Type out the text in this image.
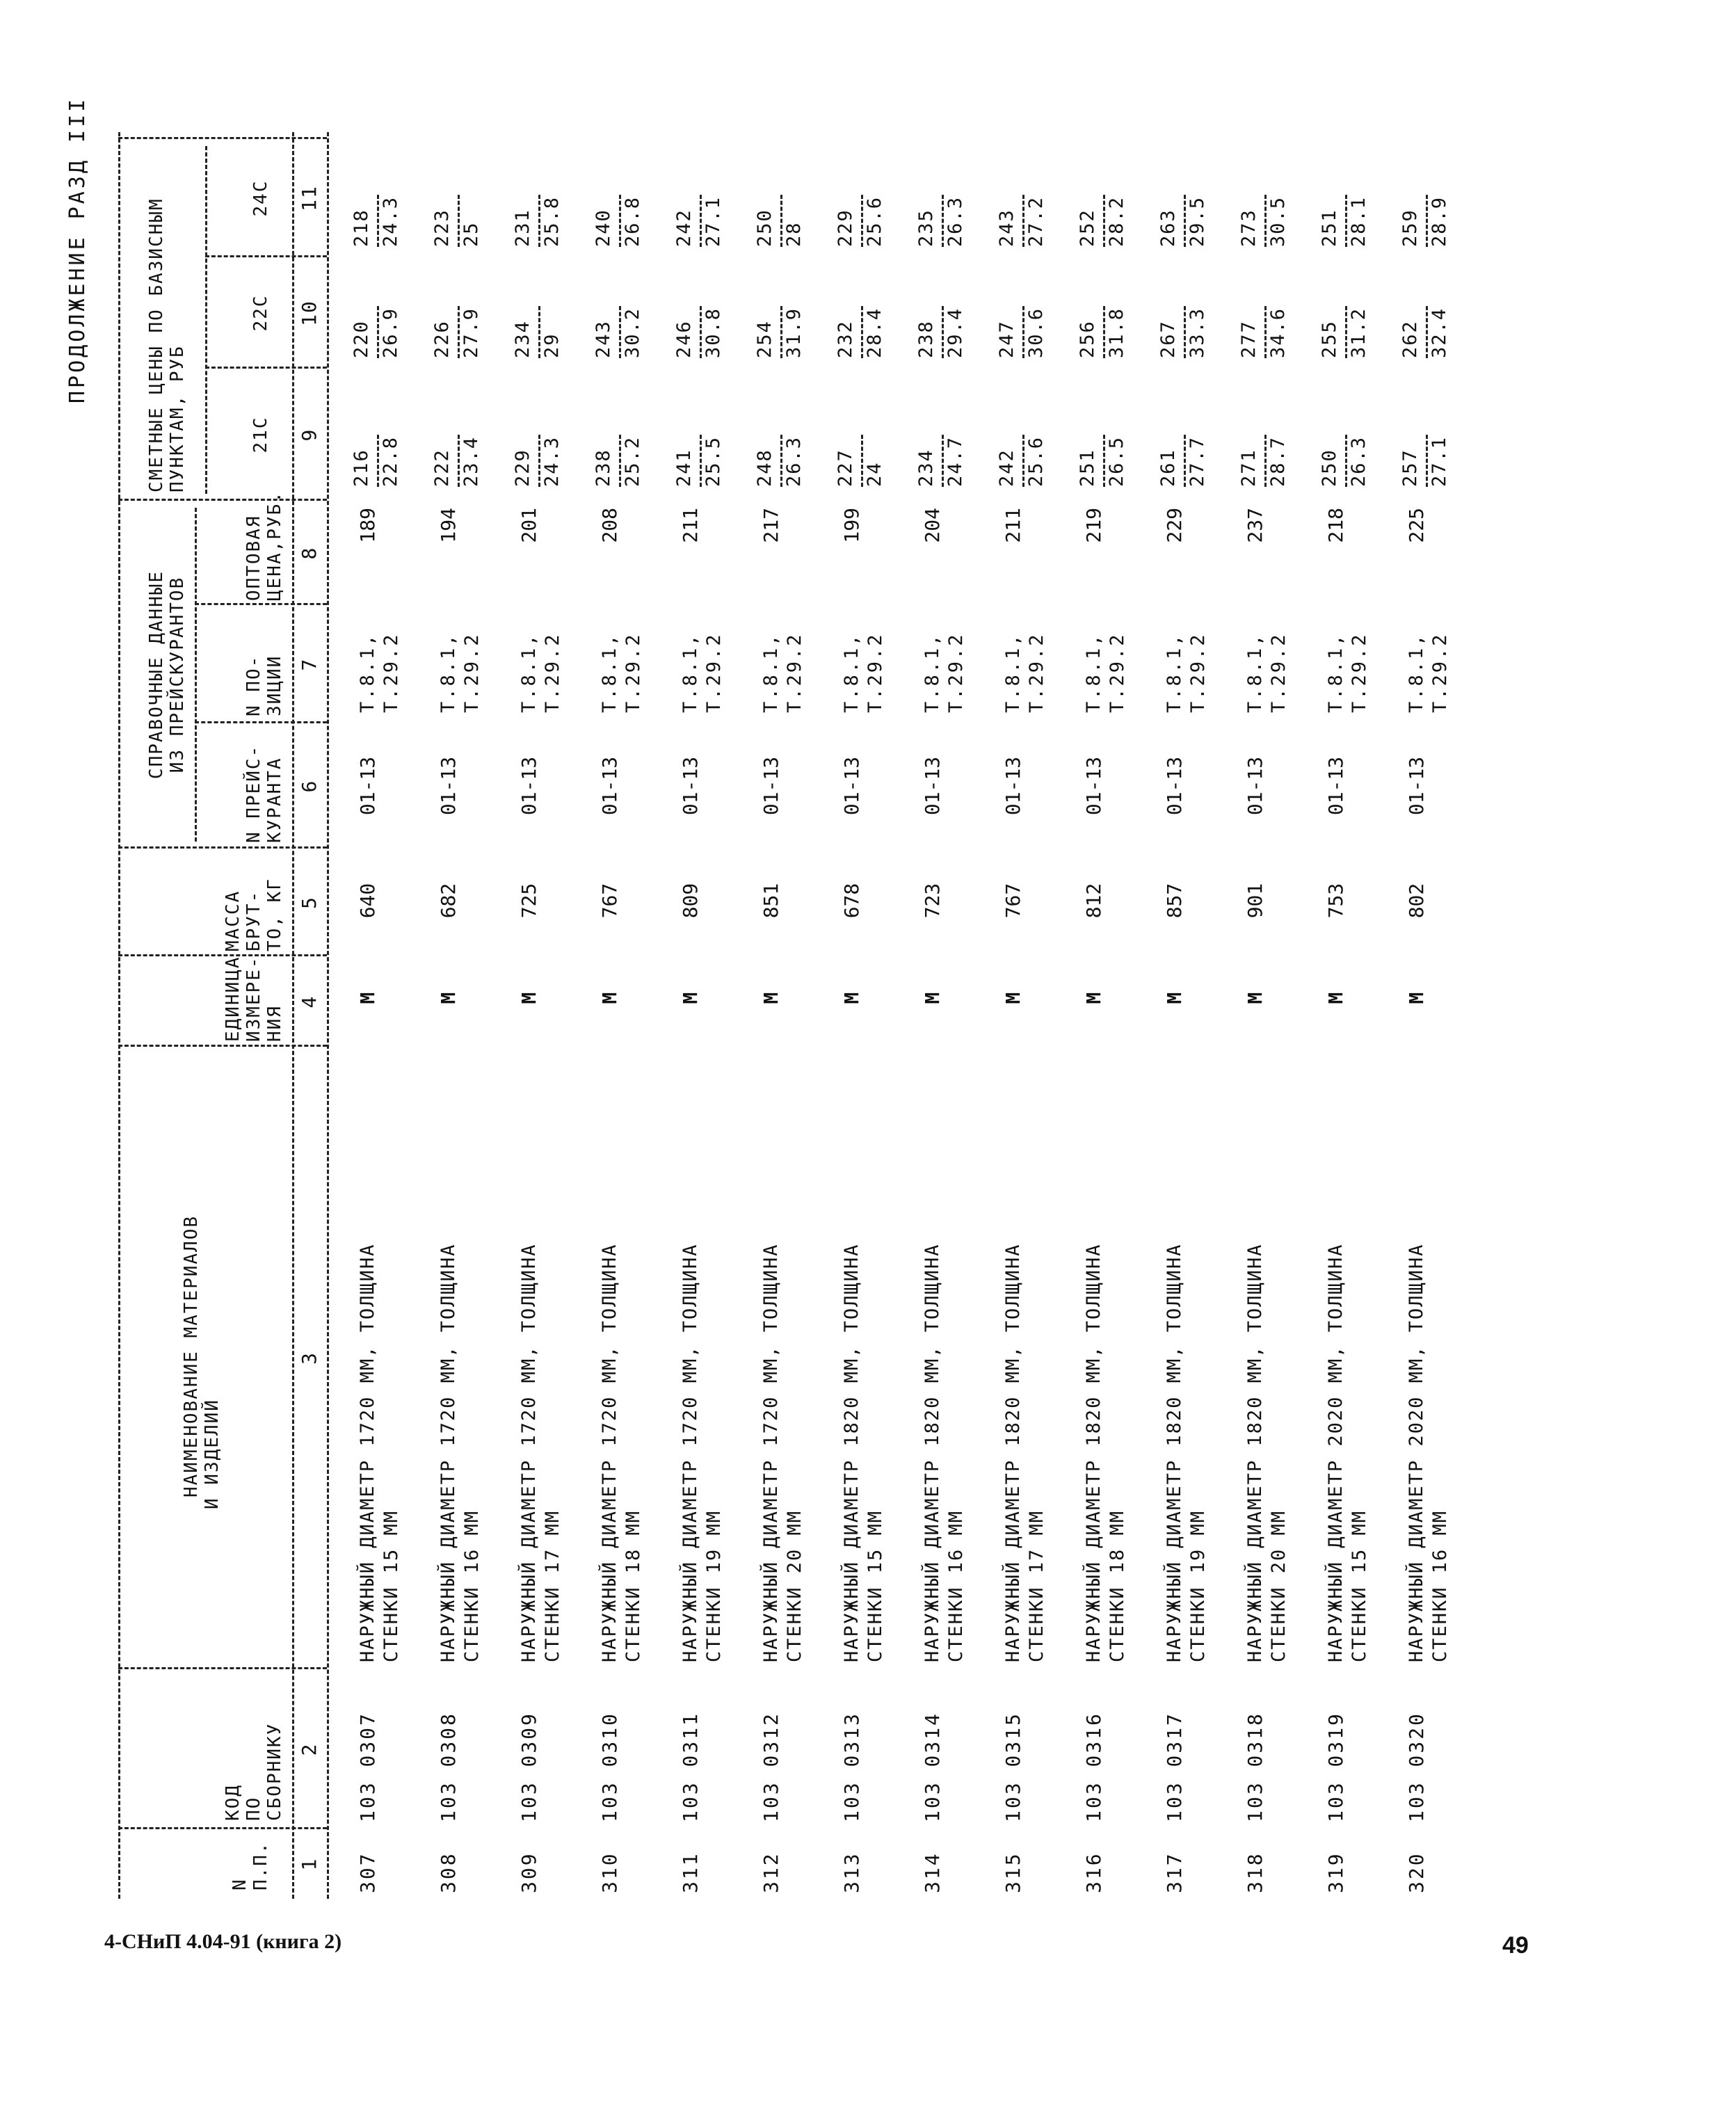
ПРОДОЛЖЕНИЕ РАЗД III
N П.П.
КОД ПО СБОРНИКУ
НАИМЕНОВАНИЕ МАТЕРИАЛОВ И ИЗДЕЛИЙ
ЕДИНИЦА ИЗМЕРЕ- НИЯ
МАССА БРУТ- ТО, КГ
СПРАВОЧНЫЕ ДАННЫЕ ИЗ ПРЕЙСКУРАНТОВ
N ПРЕЙС- КУРАНТА
N ПО- ЗИЦИИ
ОПТОВАЯ ЦЕНА,РУБ.
СМЕТНЫЕ ЦЕНЫ ПО БАЗИСНЫМ ПУНКТАМ, РУБ	21С
22С
24С
1
2
3
4
5
6
7
8
9
10
11
307
103 0307
НАРУЖНЫЙ ДИАМЕТР 1720 ММ, ТОЛЩИНА СТЕНКИ 15 ММ
М
640
01-13
Т.8.1, Т.29.2
189
216 22.8
220 26.9
218 24.3
308
103 0308
НАРУЖНЫЙ ДИАМЕТР 1720 ММ, ТОЛЩИНА СТЕНКИ 16 ММ
М
682
01-13
Т.8.1, Т.29.2
194
222 23.4
226 27.9
223 25
309
103 0309
НАРУЖНЫЙ ДИАМЕТР 1720 ММ, ТОЛЩИНА СТЕНКИ 17 ММ
М
725
01-13
Т.8.1, Т.29.2
201
229 24.3
234 29
231 25.8
310
103 0310
НАРУЖНЫЙ ДИАМЕТР 1720 ММ, ТОЛЩИНА СТЕНКИ 18 ММ
М
767
01-13
Т.8.1, Т.29.2
208
238 25.2
243 30.2
240 26.8
311
103 0311
НАРУЖНЫЙ ДИАМЕТР 1720 ММ, ТОЛЩИНА СТЕНКИ 19 ММ
М
809
01-13
Т.8.1, Т.29.2
211
241 25.5
246 30.8
242 27.1
312
103 0312
НАРУЖНЫЙ ДИАМЕТР 1720 ММ, ТОЛЩИНА СТЕНКИ 20 ММ
М
851
01-13
Т.8.1, Т.29.2
217
248 26.3
254 31.9
250 28
313
103 0313
НАРУЖНЫЙ ДИАМЕТР 1820 ММ, ТОЛЩИНА СТЕНКИ 15 ММ
М
678
01-13
Т.8.1, Т.29.2
199
227 24
232 28.4
229 25.6
314
103 0314
НАРУЖНЫЙ ДИАМЕТР 1820 ММ, ТОЛЩИНА СТЕНКИ 16 ММ
М
723
01-13
Т.8.1, Т.29.2
204
234 24.7
238 29.4
235 26.3
315
103 0315
НАРУЖНЫЙ ДИАМЕТР 1820 ММ, ТОЛЩИНА СТЕНКИ 17 ММ
М
767
01-13
Т.8.1, Т.29.2
211
242 25.6
247 30.6
243 27.2
316
103 0316
НАРУЖНЫЙ ДИАМЕТР 1820 ММ, ТОЛЩИНА СТЕНКИ 18 ММ
М
812
01-13
Т.8.1, Т.29.2
219
251 26.5
256 31.8
252 28.2
317
103 0317
НАРУЖНЫЙ ДИАМЕТР 1820 ММ, ТОЛЩИНА СТЕНКИ 19 ММ
М
857
01-13
Т.8.1, Т.29.2
229
261 27.7
267 33.3
263 29.5
318
103 0318
НАРУЖНЫЙ ДИАМЕТР 1820 ММ, ТОЛЩИНА СТЕНКИ 20 ММ
М
901
01-13
Т.8.1, Т.29.2
237
271 28.7
277 34.6
273 30.5
319
103 0319
НАРУЖНЫЙ ДИАМЕТР 2020 ММ, ТОЛЩИНА СТЕНКИ 15 ММ
М
753
01-13
Т.8.1, Т.29.2
218
250 26.3
255 31.2
251 28.1
320
103 0320
НАРУЖНЫЙ ДИАМЕТР 2020 ММ, ТОЛЩИНА СТЕНКИ 16 ММ
М
802
01-13
Т.8.1, Т.29.2
225
257 27.1
262 32.4
259 28.9
4-СНиП 4.04-91 (книга 2)	49
